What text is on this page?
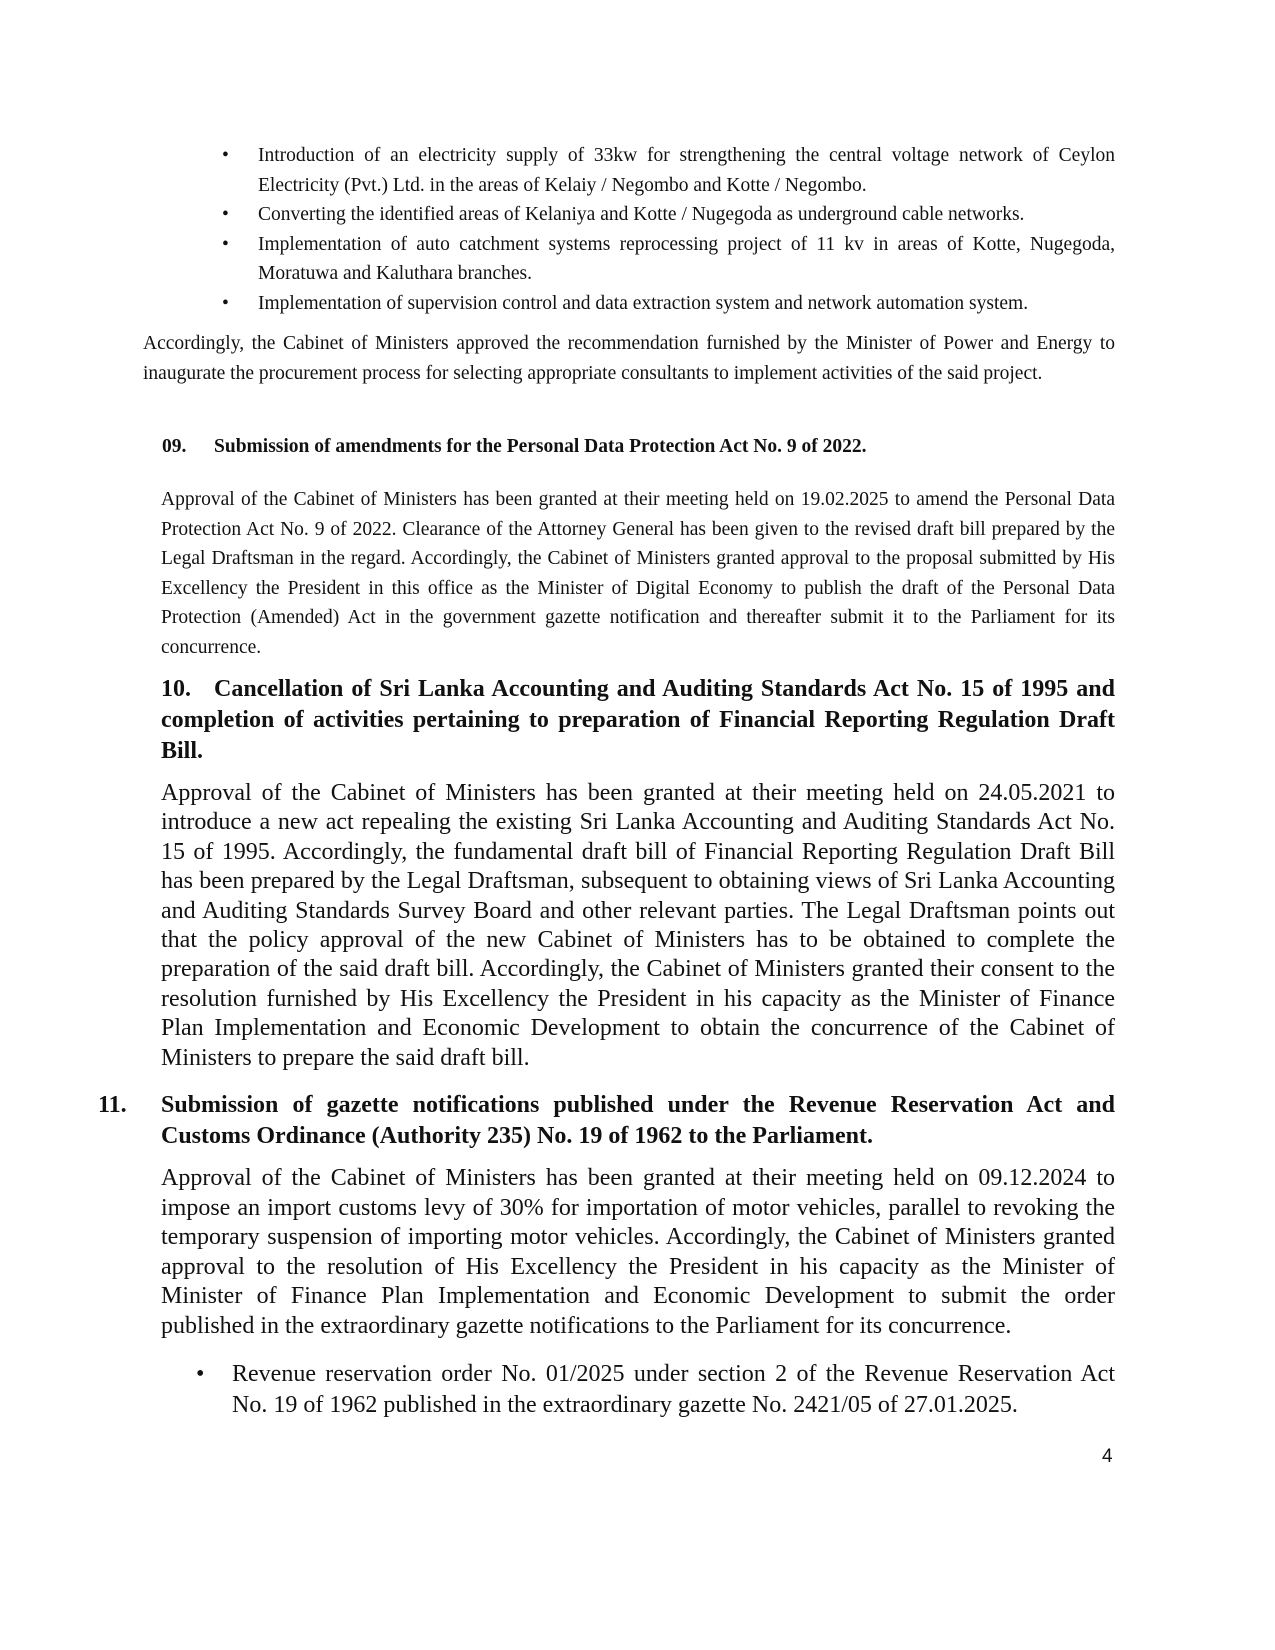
• Introduction of an electricity supply of 33kw for strengthening the central voltage network of Ceylon Electricity (Pvt.) Ltd. in the areas of Kelaiy / Negombo and Kotte / Negombo.
• Converting the identified areas of Kelaniya and Kotte / Nugegoda as underground cable networks.
• Implementation of auto catchment systems reprocessing project of 11 kv in areas of Kotte, Nugegoda, Moratuwa and Kaluthara branches.
• Implementation of supervision control and data extraction system and network automation system.

Accordingly, the Cabinet of Ministers approved the recommendation furnished by the Minister of Power and Energy to inaugurate the procurement process for selecting appropriate consultants to implement activities of the said project.

09. Submission of amendments for the Personal Data Protection Act No. 9 of 2022.

Approval of the Cabinet of Ministers has been granted at their meeting held on 19.02.2025 to amend the Personal Data Protection Act No. 9 of 2022. Clearance of the Attorney General has been given to the revised draft bill prepared by the Legal Draftsman in the regard. Accordingly, the Cabinet of Ministers granted approval to the proposal submitted by His Excellency the President in this office as the Minister of Digital Economy to publish the draft of the Personal Data Protection (Amended) Act in the government gazette notification and thereafter submit it to the Parliament for its concurrence.

10. Cancellation of Sri Lanka Accounting and Auditing Standards Act No. 15 of 1995 and completion of activities pertaining to preparation of Financial Reporting Regulation Draft Bill.

Approval of the Cabinet of Ministers has been granted at their meeting held on 24.05.2021 to introduce a new act repealing the existing Sri Lanka Accounting and Auditing Standards Act No. 15 of 1995. Accordingly, the fundamental draft bill of Financial Reporting Regulation Draft Bill has been prepared by the Legal Draftsman, subsequent to obtaining views of Sri Lanka Accounting and Auditing Standards Survey Board and other relevant parties. The Legal Draftsman points out that the policy approval of the new Cabinet of Ministers has to be obtained to complete the preparation of the said draft bill. Accordingly, the Cabinet of Ministers granted their consent to the resolution furnished by His Excellency the President in his capacity as the Minister of Finance Plan Implementation and Economic Development to obtain the concurrence of the Cabinet of Ministers to prepare the said draft bill.

11. Submission of gazette notifications published under the Revenue Reservation Act and Customs Ordinance (Authority 235) No. 19 of 1962 to the Parliament.

Approval of the Cabinet of Ministers has been granted at their meeting held on 09.12.2024 to impose an import customs levy of 30% for importation of motor vehicles, parallel to revoking the temporary suspension of importing motor vehicles. Accordingly, the Cabinet of Ministers granted approval to the resolution of His Excellency the President in his capacity as the Minister of Minister of Finance Plan Implementation and Economic Development to submit the order published in the extraordinary gazette notifications to the Parliament for its concurrence.

• Revenue reservation order No. 01/2025 under section 2 of the Revenue Reservation Act No. 19 of 1962 published in the extraordinary gazette No. 2421/05 of 27.01.2025.
4
